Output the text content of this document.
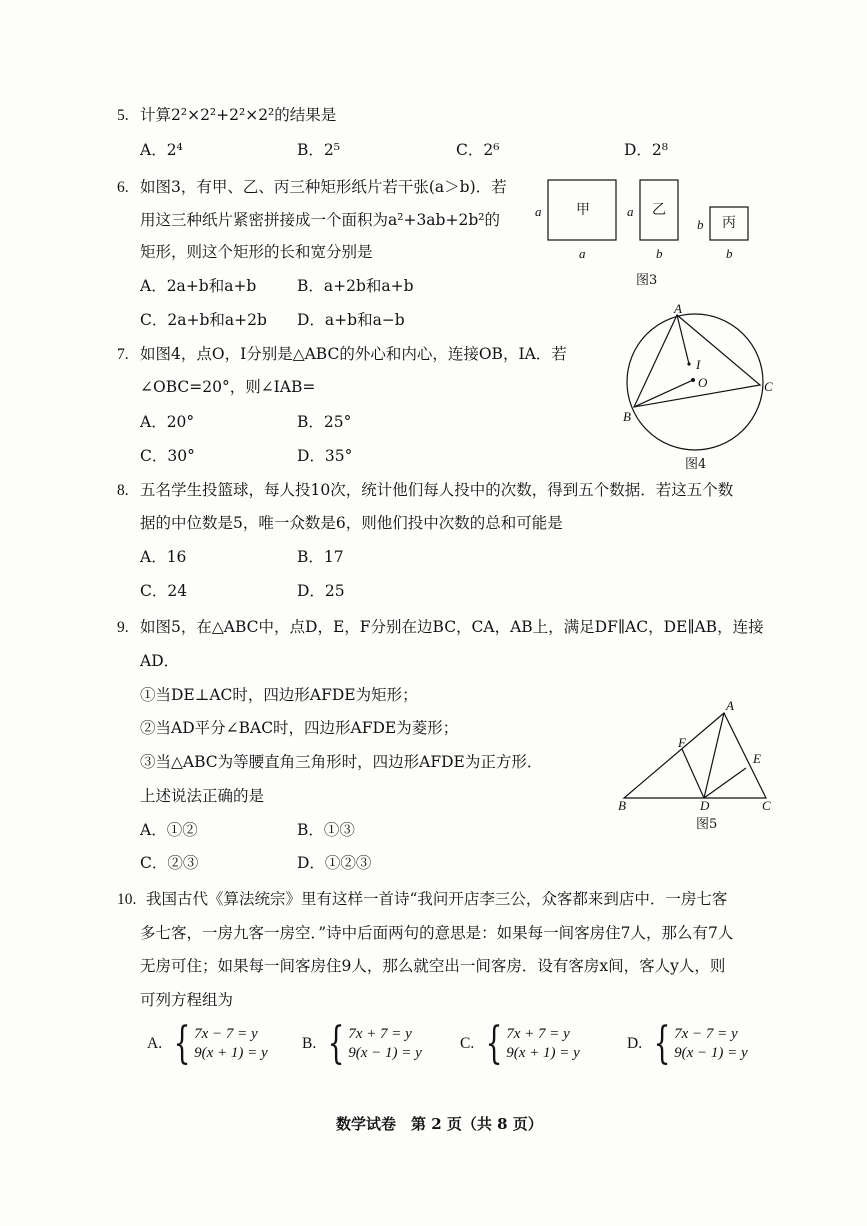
5. 计算2²×2²+2²×2²的结果是
A．2⁴	B．2⁵	C．2⁶	D．2⁸
6. 如图3，有甲、乙、丙三种矩形纸片若干张(a＞b)．若
用这三种纸片紧密拼接成一个面积为a²+3ab+2b²的
矩形，则这个矩形的长和宽分别是
A．2a+b和a+b	B．a+2b和a+b
C．2a+b和a+2b D．a+b和a−b
甲
a
a
乙
a
b
丙
b
b
图3
7. 如图4，点O，I分别是△ABC的外心和内心，连接OB，IA．若
∠OBC=20°，则∠IAB=
A．20°	B．25°
C．30°	D．35°
A
I
O
B
C
图4
8. 五名学生投篮球，每人投10次，统计他们每人投中的次数，得到五个数据．若这五个数
据的中位数是5，唯一众数是6，则他们投中次数的总和可能是
A．16	B．17
C．24	D．25
9. 如图5，在△ABC中，点D，E，F分别在边BC，CA，AB上，满足DF∥AC，DE∥AB，连接
AD．
①当DE⊥AC时，四边形AFDE为矩形；
②当AD平分∠BAC时，四边形AFDE为菱形；
③当△ABC为等腰直角三角形时，四边形AFDE为正方形．
上述说法正确的是
A．①②	B．①③
C．②③	D．①②③
A
F
E
B	D	C
图5
10. 我国古代《算法统宗》里有这样一首诗“我问开店李三公，众客都来到店中．一房七客
多七客，一房九客一房空．”诗中后面两句的意思是：如果每一间客房住7人，那么有7人
无房可住；如果每一间客房住9人，那么就空出一间客房．设有客房x间，客人y人，则
可列方程组为
A. { 7x − 7 = y
9(x + 1) = y
B. { 7x + 7 = y
9(x − 1) = y
C. { 7x + 7 = y
9(x + 1) = y
D. { 7x − 7 = y
9(x − 1) = y
数学试卷　第 2 页（共 8 页）
